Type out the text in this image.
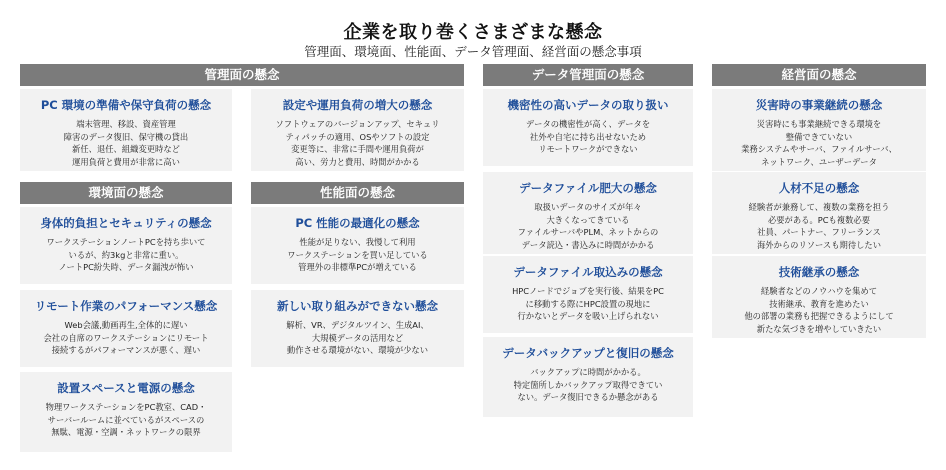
企業を取り巻くさまざまな懸念
管理面、環境面、性能面、データ管理面、経営面の懸念事項
管理面の懸念
環境面の懸念	性能面の懸念
データ管理面の懸念	経営面の懸念
PC 環境の準備や保守負荷の懸念
端末管理、移設、資産管理
障害のデータ復旧、保守機の貸出
新任、退任、組織変更時など
運用負荷と費用が非常に高い
設定や運用負荷の増大の懸念
ソフトウェアのバージョンアップ、セキュリ
ティパッチの適用、OSやソフトの設定
変更等に、非常に手間や運用負荷が
高い、労力と費用、時間がかかる
身体的負担とセキュリティの懸念
ワークステーションノートPCを持ち歩いて
いるが、約3kgと非常に重い。
ノートPC紛失時、データ漏洩が怖い
リモート作業のパフォーマンス懸念
Web会議,動画再生,全体的に遅い
会社の自席のワークステーションにリモート
接続するがパフォーマンスが悪く、遅い
設置スペースと電源の懸念
物理ワークステーションをPC教室、CAD・
サーバールームに並べているがスペースの
無駄、電源・空調・ネットワークの限界
PC 性能の最適化の懸念
性能が足りない、我慢して利用
ワークステーションを買い足している
管理外の非標準PCが増えている
新しい取り組みができない懸念
解析、VR、デジタルツイン、生成AI、
大規模データの活用など
動作させる環境がない、環境が少ない
機密性の高いデータの取り扱い
データの機密性が高く、データを
社外や自宅に持ち出せないため
リモートワークができない
データファイル肥大の懸念
取扱いデータのサイズが年々
大きくなってきている
ファイルサーバやPLM、ネットからの
データ読込・書込みに時間がかかる
データファイル取込みの懸念
HPCノードでジョブを実行後、結果をPC
に移動する際にHPC設置の現地に
行かないとデータを吸い上げられない
データバックアップと復旧の懸念
バックアップに時間がかかる。
特定箇所しかバックアップ取得できてい
ない。データ復旧できるか懸念がある
災害時の事業継続の懸念
災害時にも事業継続できる環境を
整備できていない
業務システムやサーバ、ファイルサーバ、
ネットワーク、ユーザーデータ
人材不足の懸念
経験者が兼務して、複数の業務を担う
必要がある。PCも複数必要
社員、パートナー、フリーランス
海外からのリソースも期待したい
技術継承の懸念
経験者などのノウハウを集めて
技術継承、教育を進めたい
他の部署の業務も把握できるようにして
新たな気づきを増やしていきたい
